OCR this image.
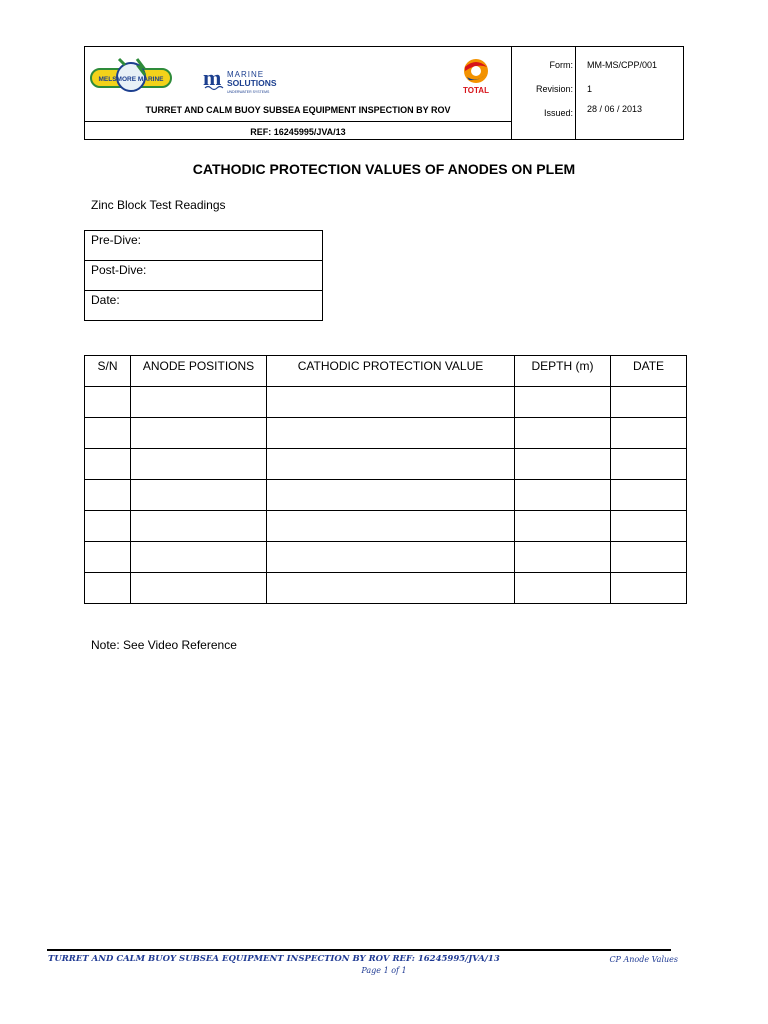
MELSMORE MARINE m MARINE
SOLUTIONS
UNDERWATER SYSTEMS	TOTAL
TURRET AND CALM BUOY SUBSEA EQUIPMENT INSPECTION BY ROV
REF: 16245995/JVA/13
Form: MM-MS/CPP/001
Revision: 1
Issued: 28 / 06 / 2013
CATHODIC PROTECTION VALUES OF ANODES ON PLEM
Zinc Block Test Readings
Pre-Dive:
Post-Dive:
Date:
S/N	ANODE POSITIONS	CATHODIC PROTECTION VALUE	DEPTH (m)	DATE

Note: See Video Reference
TURRET AND CALM BUOY SUBSEA EQUIPMENT INSPECTION BY ROV REF: 16245995/JVA/13	CP Anode Values
Page 1 of 1
